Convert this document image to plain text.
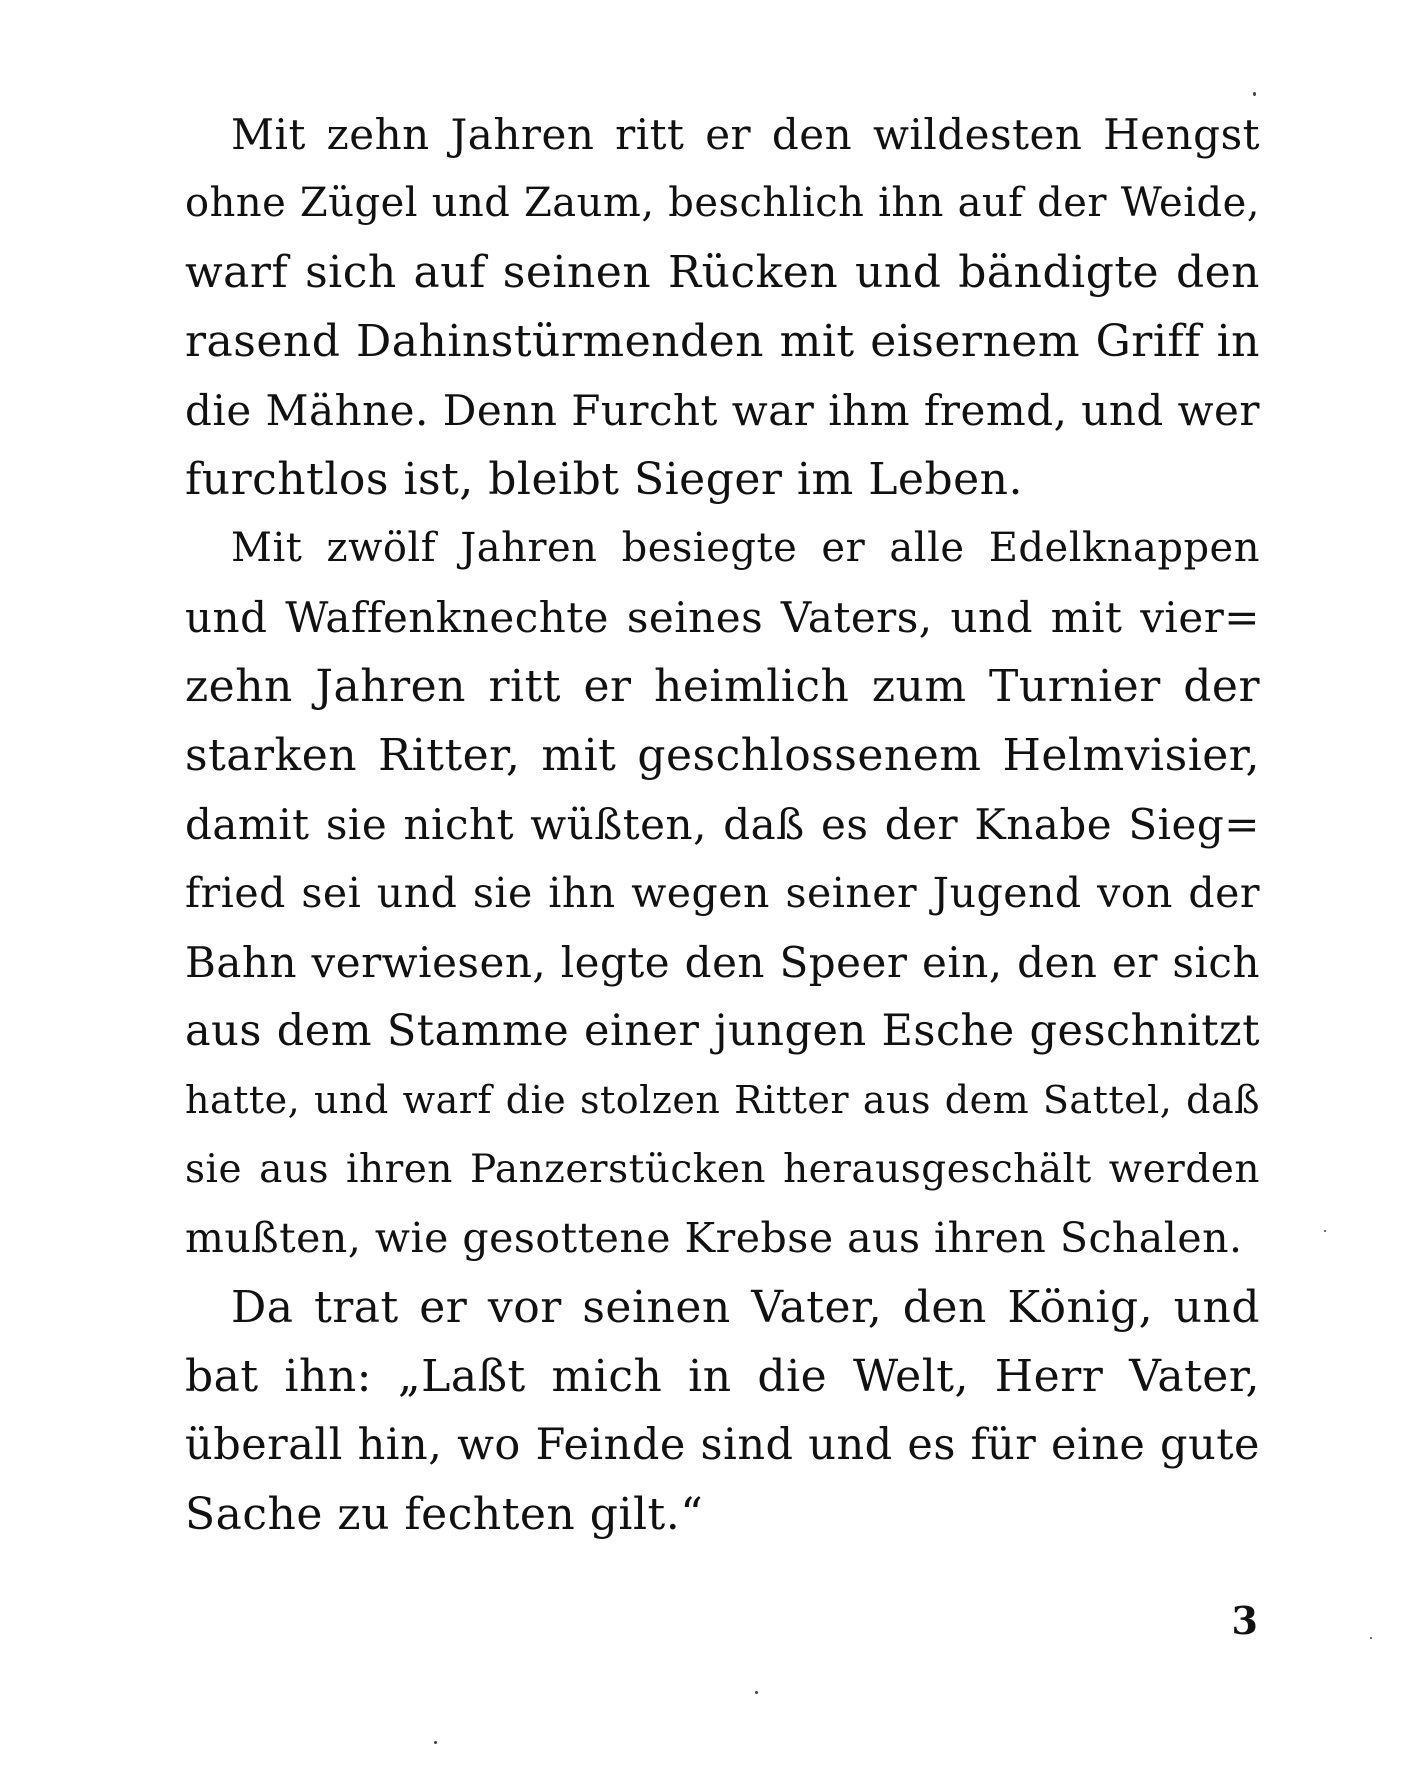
Mit zehn Jahren ritt er den wildesten Hengst
ohne Zügel und Zaum, beschlich ihn auf der Weide,
warf sich auf seinen Rücken und bändigte den
rasend Dahinstürmenden mit eisernem Griff in
die Mähne. Denn Furcht war ihm fremd, und wer
furchtlos ist, bleibt Sieger im Leben.
Mit zwölf Jahren besiegte er alle Edelknappen
und Waffenknechte seines Vaters, und mit vier=
zehn Jahren ritt er heimlich zum Turnier der
starken Ritter, mit geschlossenem Helmvisier,
damit sie nicht wüßten, daß es der Knabe Sieg=
fried sei und sie ihn wegen seiner Jugend von der
Bahn verwiesen, legte den Speer ein, den er sich
aus dem Stamme einer jungen Esche geschnitzt
hatte, und warf die stolzen Ritter aus dem Sattel, daß
sie aus ihren Panzerstücken herausgeschält werden
mußten, wie gesottene Krebse aus ihren Schalen.
Da trat er vor seinen Vater, den König, und
bat ihn: „Laßt mich in die Welt, Herr Vater,
überall hin, wo Feinde sind und es für eine gute
Sache zu fechten gilt.“
3
